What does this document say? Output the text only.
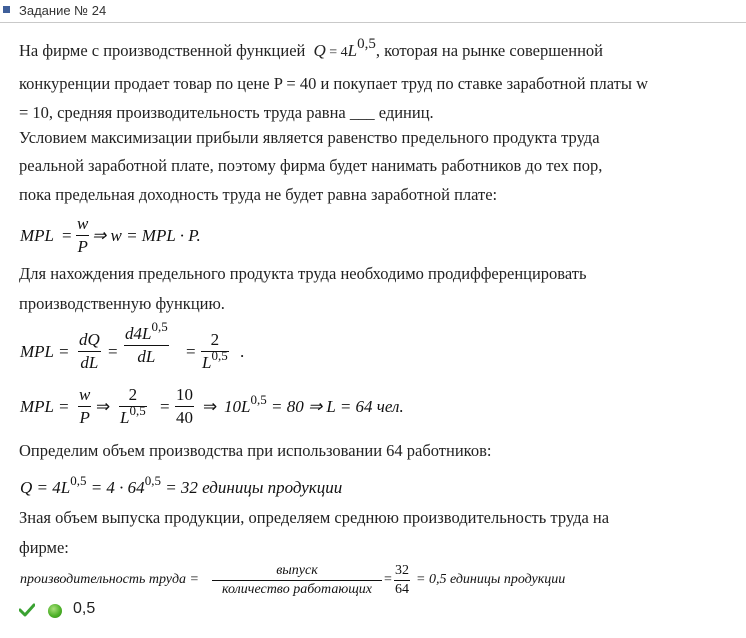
Задание № 24
На фирме с производственной функцией Q = 4L0,5, которая на рынке совершенной
конкуренции продает товар по цене P = 40 и покупает труд по ставке заработной платы w
= 10, средняя производительность труда равна ___ единиц.
Условием максимизации прибыли является равенство предельного продукта труда
реальной заработной плате, поэтому фирма будет нанимать работников до тех пор,
пока предельная доходность труда не будет равна заработной плате:
MPL =
w
P
⇒ w = MPL · P.
Для нахождения предельного продукта труда необходимо продифференцировать
производственную функцию.
MPL =
dQ
dL
=
$d4L^{0,5}$
dL	=
2
L$^{0,5}$ .
MPL =
w
P
⇒
2
L$^{0,5}$ =
10
40
⇒ $10L^{0,5} = 80$ ⇒ L = 64 чел.
Определим объем производства при использовании 64 работников:
$Q = 4L^{0,5} = 4 \cdot 64^{0,5} = 32$ единицы продукции
Зная объем выпуска продукции, определяем среднюю производительность труда на
фирме:
производительность труда =
выпуск
количество работающих
=
32
64
= 0,5 единицы продукции
0,5
